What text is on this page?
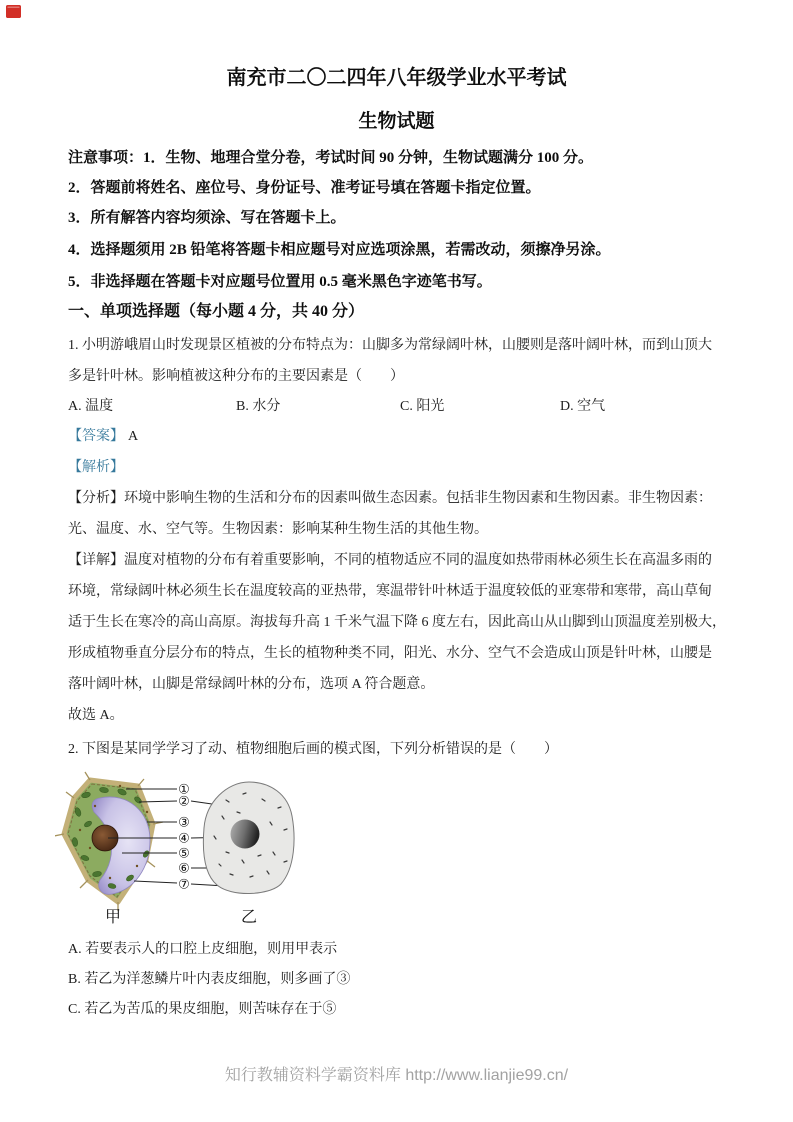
南充市二〇二四年八年级学业水平考试
生物试题
注意事项：1．生物、地理合堂分卷，考试时间 90 分钟，生物试题满分 100 分。
2．答题前将姓名、座位号、身份证号、准考证号填在答题卡指定位置。
3．所有解答内容均须涂、写在答题卡上。
4．选择题须用 2B 铅笔将答题卡相应题号对应选项涂黑，若需改动，须擦净另涂。
5．非选择题在答题卡对应题号位置用 0.5 毫米黑色字迹笔书写。
一、单项选择题（每小题 4 分，共 40 分）
1. 小明游峨眉山时发现景区植被的分布特点为：山脚多为常绿阔叶林，山腰则是落叶阔叶林，而到山顶大
多是针叶林。影响植被这种分布的主要因素是（　　）
A. 温度	B. 水分	C. 阳光	D. 空气
【答案】 A
【解析】
【分析】环境中影响生物的生活和分布的因素叫做生态因素。包括非生物因素和生物因素。非生物因素：
光、温度、水、空气等。生物因素：影响某种生物生活的其他生物。
【详解】温度对植物的分布有着重要影响，不同的植物适应不同的温度如热带雨林必须生长在高温多雨的
环境，常绿阔叶林必须生长在温度较高的亚热带，寒温带针叶林适于温度较低的亚寒带和寒带，高山草甸
适于生长在寒冷的高山高原。海拔每升高 1 千米气温下降 6 度左右，因此高山从山脚到山顶温度差别极大，
形成植物垂直分层分布的特点，生长的植物种类不同，阳光、水分、空气不会造成山顶是针叶林，山腰是
落叶阔叶林，山脚是常绿阔叶林的分布，选项 A 符合题意。
故选 A。
2. 下图是某同学学习了动、植物细胞后画的模式图，下列分析错误的是（　　）
①
②
③
④
⑤
⑥
⑦
甲	乙
A. 若要表示人的口腔上皮细胞，则用甲表示
B. 若乙为洋葱鳞片叶内表皮细胞，则多画了③
C. 若乙为苦瓜的果皮细胞，则苦味存在于⑤
知行教辅资料学霸资料库 http://www.lianjie99.cn/
